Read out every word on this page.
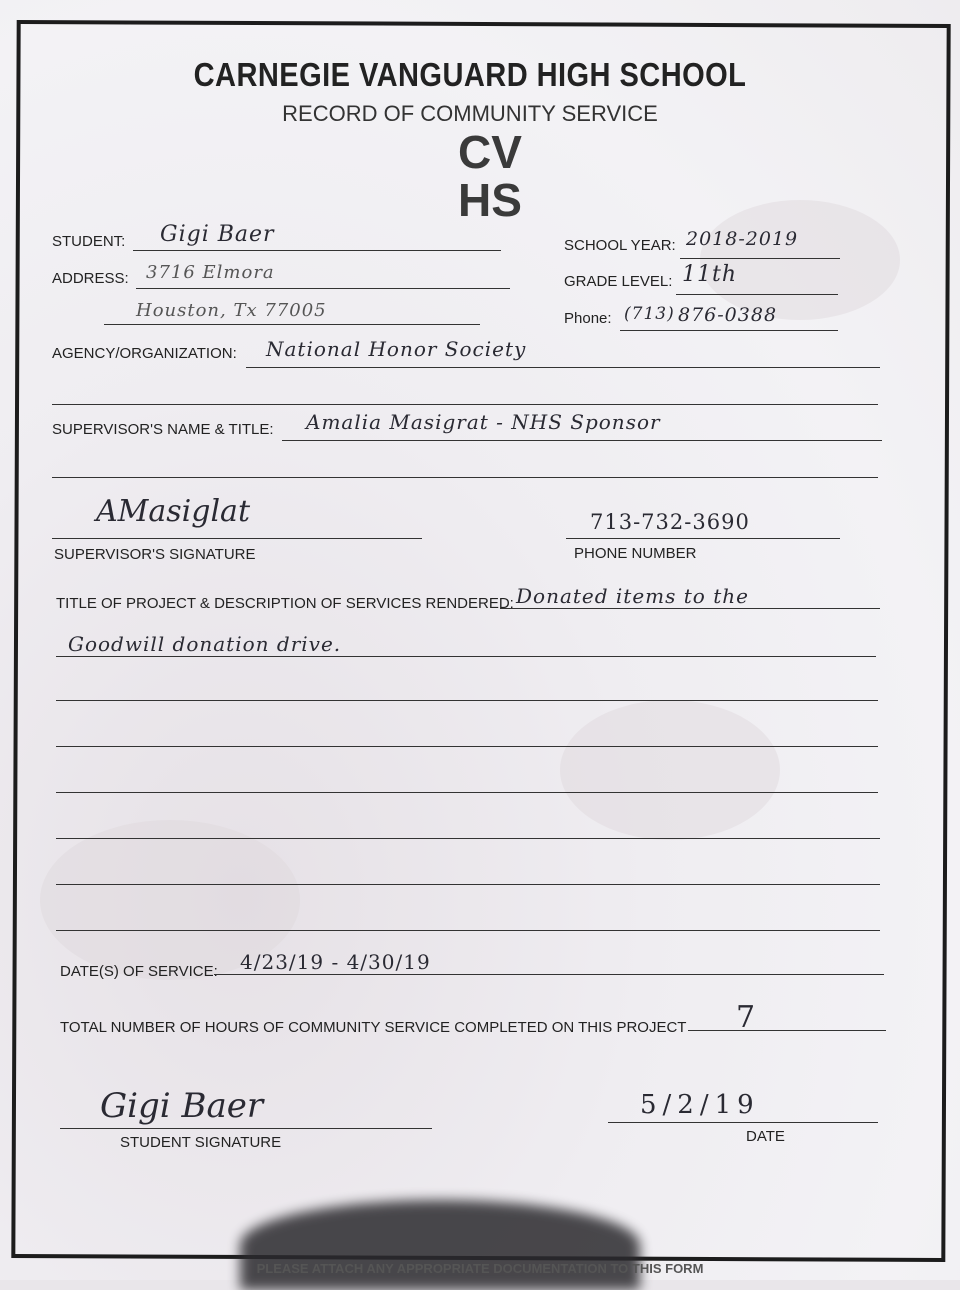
CARNEGIE VANGUARD HIGH SCHOOL
RECORD OF COMMUNITY SERVICE
CV
HS
STUDENT: Gigi Baer	SCHOOL YEAR: 2018-2019
ADDRESS: 3716 Elmora
Houston, Tx 77005
GRADE LEVEL: 11th
Phone: (713) 876-0388
AGENCY/ORGANIZATION: National Honor Society
SUPERVISOR'S NAME & TITLE: Amalia Masigrat - NHS Sponsor
AMasiglat
SUPERVISOR'S SIGNATURE
713-732-3690
PHONE NUMBER
TITLE OF PROJECT & DESCRIPTION OF SERVICES RENDERED: Donated items to the
Goodwill donation drive.
DATE(S) OF SERVICE: 4/23/19 - 4/30/19
TOTAL NUMBER OF HOURS OF COMMUNITY SERVICE COMPLETED ON THIS PROJECT 7
Gigi Baer
STUDENT SIGNATURE
5/2/19
DATE
PLEASE ATTACH ANY APPROPRIATE DOCUMENTATION TO THIS FORM
